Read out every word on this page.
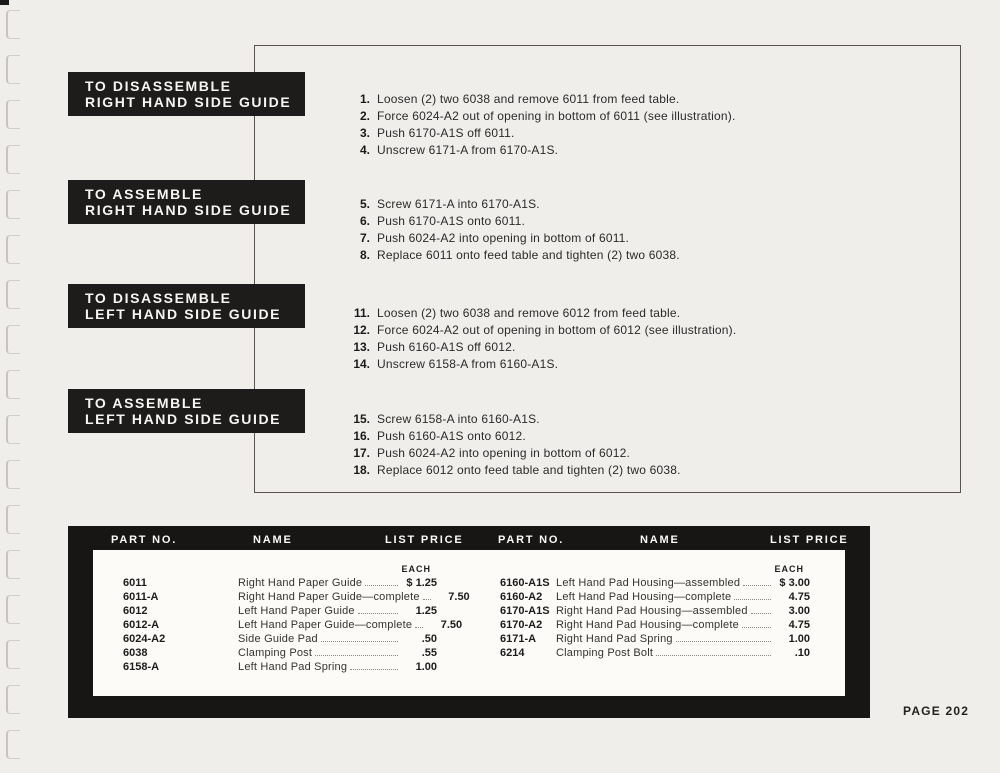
TO DISASSEMBLE
RIGHT HAND SIDE GUIDE
TO ASSEMBLE
RIGHT HAND SIDE GUIDE
TO DISASSEMBLE
LEFT HAND SIDE GUIDE
TO ASSEMBLE
LEFT HAND SIDE GUIDE
1. Loosen (2) two 6038 and remove 6011 from feed table.
2. Force 6024-A2 out of opening in bottom of 6011 (see illustration).
3. Push 6170-A1S off 6011.
4. Unscrew 6171-A from 6170-A1S.
5. Screw 6171-A into 6170-A1S.
6. Push 6170-A1S onto 6011.
7. Push 6024-A2 into opening in bottom of 6011.
8. Replace 6011 onto feed table and tighten (2) two 6038.
11. Loosen (2) two 6038 and remove 6012 from feed table.
12. Force 6024-A2 out of opening in bottom of 6012 (see illustration).
13. Push 6160-A1S off 6012.
14. Unscrew 6158-A from 6160-A1S.
15. Screw 6158-A into 6160-A1S.
16. Push 6160-A1S onto 6012.
17. Push 6024-A2 into opening in bottom of 6012.
18. Replace 6012 onto feed table and tighten (2) two 6038.
PART NO.	NAME	LIST PRICE	PART NO.	NAME	LIST PRICE
EACH
6011	Right Hand Paper Guide	$ 1.25
6011-A	Right Hand Paper Guide—complete	7.50
6012	Left Hand Paper Guide	1.25
6012-A	Left Hand Paper Guide—complete	7.50
6024-A2	Side Guide Pad	.50
6038	Clamping Post	.55
6158-A	Left Hand Pad Spring	1.00
EACH
6160-A1S Left Hand Pad Housing—assembled	$ 3.00
6160-A2	Left Hand Pad Housing—complete	4.75
6170-A1S Right Hand Pad Housing—assembled	3.00
6170-A2	Right Hand Pad Housing—complete	4.75
6171-A	Right Hand Pad Spring	1.00
6214	Clamping Post Bolt	.10
PAGE 202
